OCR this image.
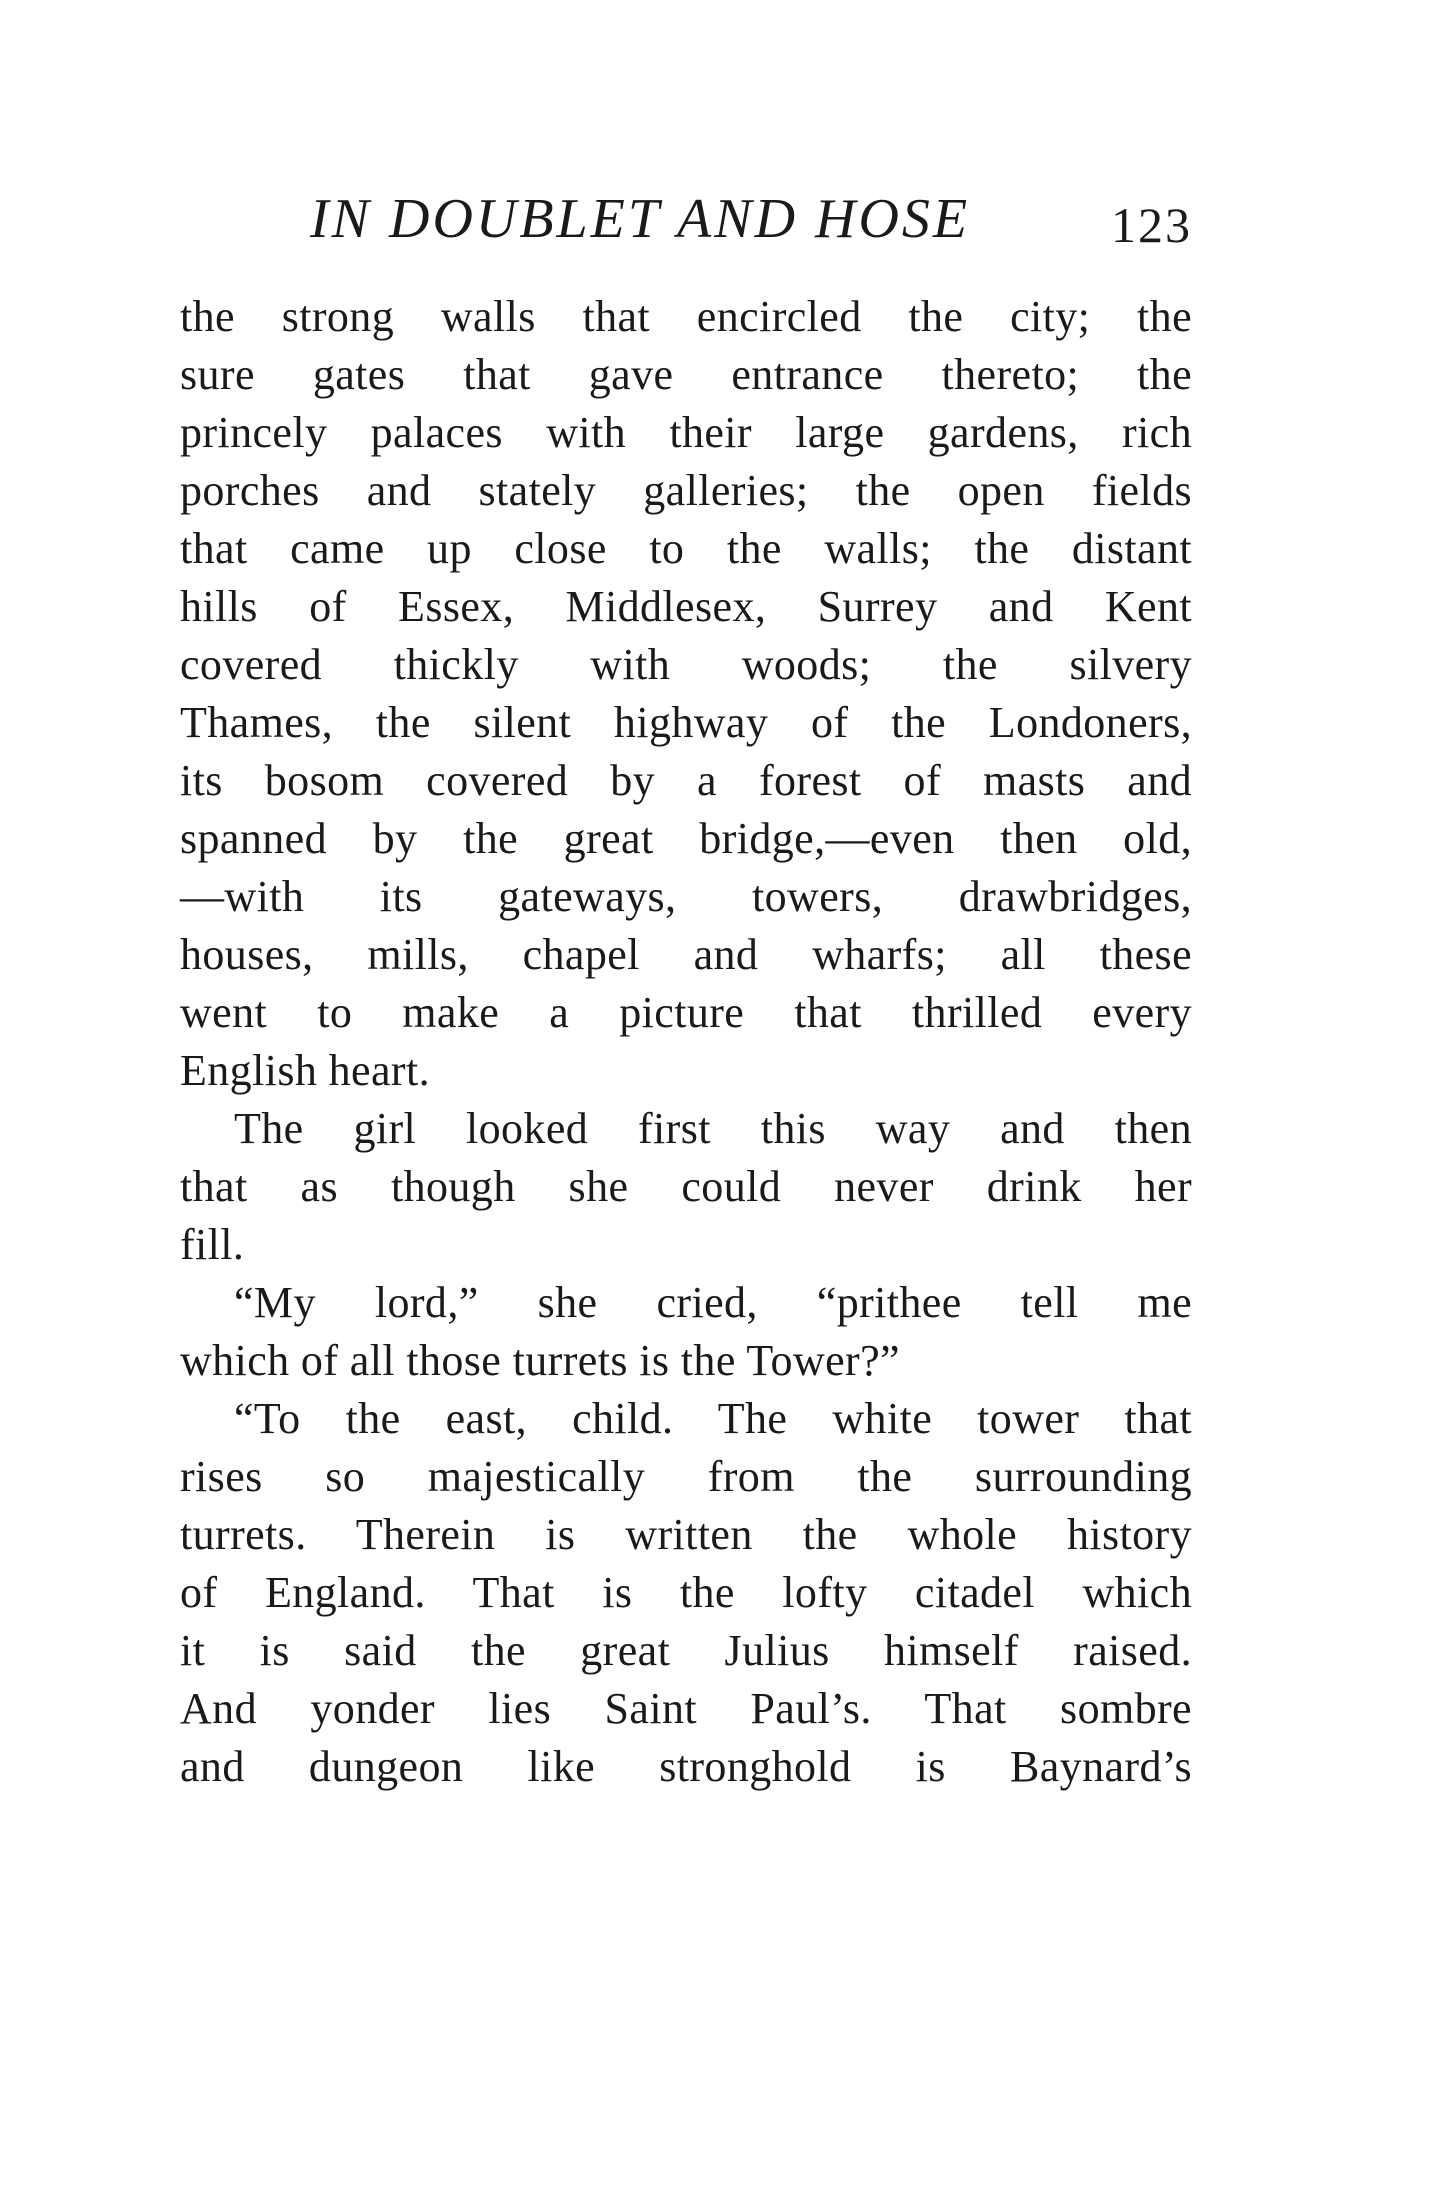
IN DOUBLET AND HOSE	123
the strong walls that encircled the city; the
sure gates that gave entrance thereto; the
princely palaces with their large gardens, rich
porches and stately galleries; the open fields
that came up close to the walls; the distant
hills of Essex, Middlesex, Surrey and Kent
covered thickly with woods; the silvery
Thames, the silent highway of the Londoners,
its bosom covered by a forest of masts and
spanned by the great bridge,—even then old,
—with its gateways, towers, drawbridges,
houses, mills, chapel and wharfs; all these
went to make a picture that thrilled every
English heart.
The girl looked first this way and then
that as though she could never drink her
fill.
“My lord,” she cried, “prithee tell me
which of all those turrets is the Tower?”
“To the east, child. The white tower that
rises so majestically from the surrounding
turrets. Therein is written the whole history
of England. That is the lofty citadel which
it is said the great Julius himself raised.
And yonder lies Saint Paul’s. That sombre
and dungeon like stronghold is Baynard’s
